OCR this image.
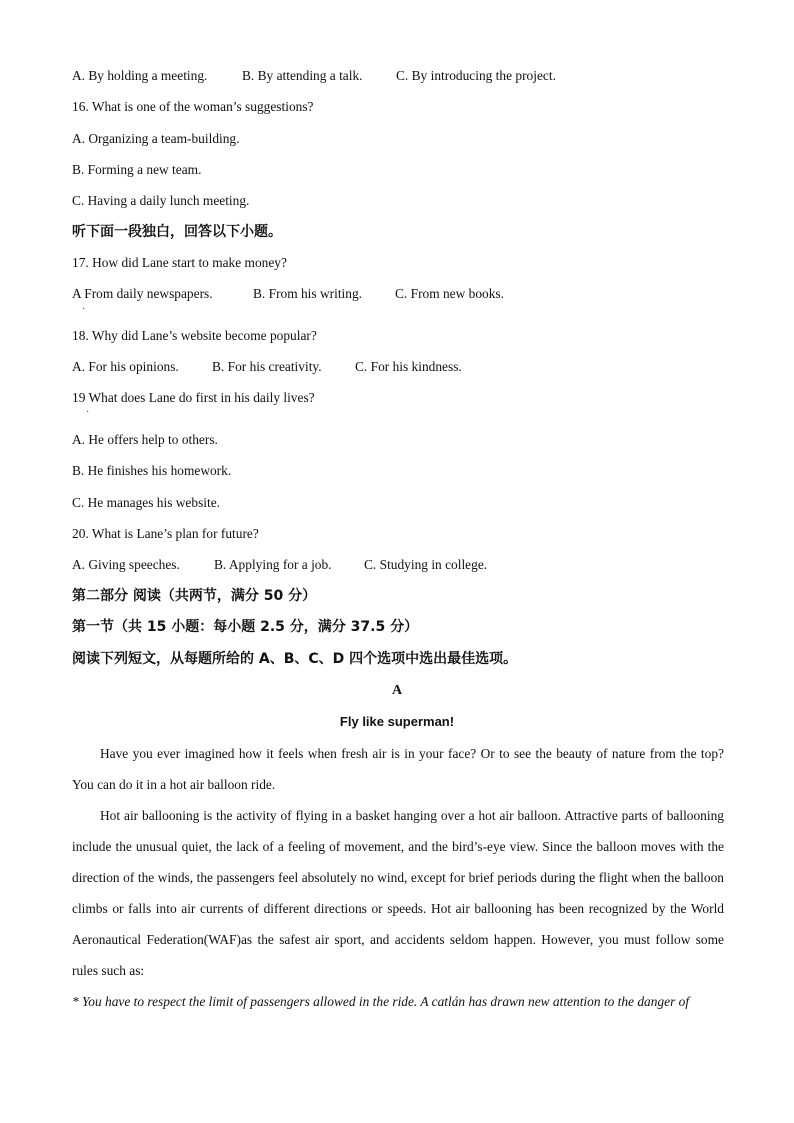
A. By holding a meeting.	B. By attending a talk.	C. By introducing the project.
16. What is one of the woman’s suggestions?
A. Organizing a team-building.
B. Forming a new team.
C. Having a daily lunch meeting.
听下面一段独白，回答以下小题。
17. How did Lane start to make money?
A From daily newspapers.	B. From his writing. C. From new books.
·
18. Why did Lane’s website become popular?
A. For his opinions. B. For his creativity. C. For his kindness.
19 What does Lane do first in his daily lives?
·
A. He offers help to others.
B. He finishes his homework.
C. He manages his website.
20. What is Lane’s plan for future?
A. Giving speeches.	B. Applying for a job. C. Studying in college.
第二部分 阅读（共两节，满分 50 分）
第一节（共 15 小题：每小题 2.5 分，满分 37.5 分）
阅读下列短文，从每题所给的 A、B、C、D 四个选项中选出最佳选项。
A
Fly like superman!
Have you ever imagined how it feels when fresh air is in your face? Or to see the beauty of nature from the top? You can do it in a hot air balloon ride.
Hot air ballooning is the activity of flying in a basket hanging over a hot air balloon. Attractive parts of ballooning include the unusual quiet, the lack of a feeling of movement, and the bird’s-eye view. Since the balloon moves with the direction of the winds, the passengers feel absolutely no wind, except for brief periods during the flight when the balloon climbs or falls into air currents of different directions or speeds. Hot air ballooning has been recognized by the World Aeronautical Federation(WAF)as the safest air sport, and accidents seldom happen. However, you must follow some rules such as:
* You have to respect the limit of passengers allowed in the ride. A catlán has drawn new attention to the danger of
